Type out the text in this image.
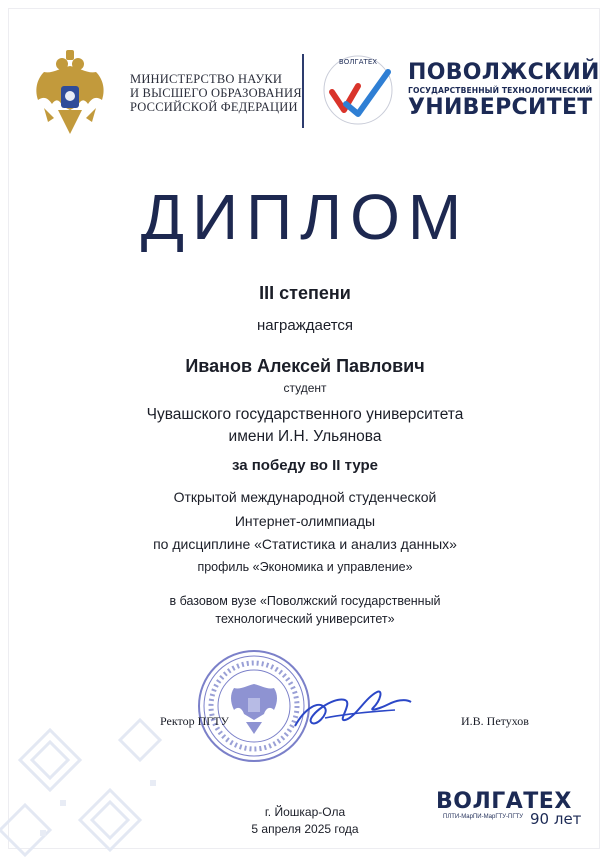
МИНИСТЕРСТВО НАУКИ
И ВЫСШЕГО ОБРАЗОВАНИЯ
РОССИЙСКОЙ ФЕДЕРАЦИИ
ВОЛГАТЕХ ПОВОЛЖСКИЙ
ГОСУДАРСТВЕННЫЙ ТЕХНОЛОГИЧЕСКИЙ
УНИВЕРСИТЕТ
ДИПЛОМ
III степени
награждается
Иванов Алексей Павлович
студент
Чувашского государственного университета
имени И.Н. Ульянова
за победу во II туре
Открытой международной студенческой
Интернет-олимпиады
по дисциплине «Статистика и анализ данных»
профиль «Экономика и управление»
в базовом вузе «Поволжский государственный
технологический университет»
Ректор ПГТУ	И.В. Петухов
г. Йошкар-Ола
5 апреля 2025 года
ВОЛГАТЕХ
ПЛТИ-МарПИ-МарГТУ-ПГТУ 90 лет
